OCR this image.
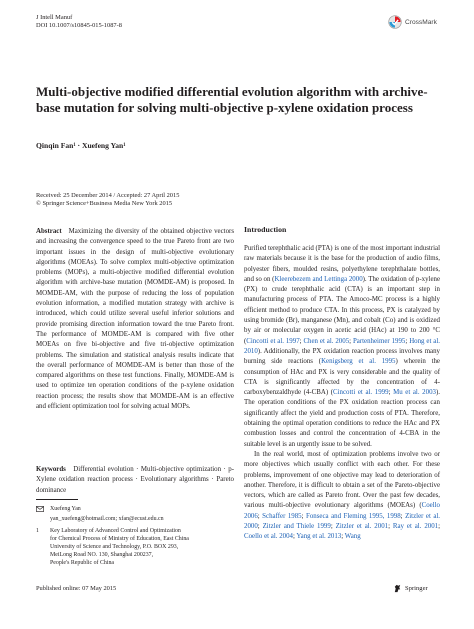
J Intell Manuf
DOI 10.1007/s10845-015-1087-8
CrossMark
Multi-objective modified differential evolution algorithm with archive-base mutation for solving multi-objective p-xylene oxidation process
Qinqin Fan¹ · Xuefeng Yan¹
Received: 25 December 2014 / Accepted: 27 April 2015
© Springer Science+Business Media New York 2015
Abstract Maximizing the diversity of the obtained objective vectors and increasing the convergence speed to the true Pareto front are two important issues in the design of multi-objective evolutionary algorithms (MOEAs). To solve complex multi-objective optimization problems (MOPs), a multi-objective modified differential evolution algorithm with archive-base mutation (MOMDE-AM) is proposed. In MOMDE-AM, with the purpose of reducing the loss of population evolution information, a modified mutation strategy with archive is introduced, which could utilize several useful inferior solutions and provide promising direction information toward the true Pareto front. The performance of MOMDE-AM is compared with five other MOEAs on five bi-objective and five tri-objective optimization problems. The simulation and statistical analysis results indicate that the overall performance of MOMDE-AM is better than those of the compared algorithms on these test functions. Finally, MOMDE-AM is used to optimize ten operation conditions of the p-xylene oxidation reaction process; the results show that MOMDE-AM is an effective and efficient optimization tool for solving actual MOPs.
Keywords Differential evolution · Multi-objective optimization · p-Xylene oxidation reaction process · Evolutionary algorithms · Pareto dominance
Xuefeng Yan
yan_xuefeng@hotmail.com; xfan@ecust.edu.cn
1	Key Laboratory of Advanced Control and Optimization
for Chemical Process of Ministry of Education, East China
University of Science and Technology, P.O. BOX 293,
MeiLong Road NO. 130, Shanghai 200237,
People's Republic of China
Published online: 07 May 2015	Springer
Introduction

Purified terephthalic acid (PTA) is one of the most important industrial raw materials because it is the base for the production of audio films, polyester fibers, moulded resins, polyethylene terephthalate bottles, and so on (Kleerebezem and Lettinga 2000). The oxidation of p-xylene (PX) to crude terephthalic acid (CTA) is an important step in manufacturing process of PTA. The Amoco-MC process is a highly efficient method to produce CTA. In this process, PX is catalyzed by using bromide (Br), manganese (Mn), and cobalt (Co) and is oxidized by air or molecular oxygen in acetic acid (HAc) at 190 to 200 °C (Cincotti et al. 1997; Chen et al. 2005; Partenheimer 1995; Hong et al. 2010). Additionally, the PX oxidation reaction process involves many burning side reactions (Kenigsberg et al. 1995) wherein the consumption of HAc and PX is very considerable and the quality of CTA is significantly affected by the concentration of 4-carboxybenzaldhyde (4-CBA) (Cincotti et al. 1999; Mu et al. 2003). The operation conditions of the PX oxidation reaction process can significantly affect the yield and production costs of PTA. Therefore, obtaining the optimal operation conditions to reduce the HAc and PX combustion losses and control the concentration of 4-CBA in the suitable level is an urgently issue to be solved.

In the real world, most of optimization problems involve two or more objectives which usually conflict with each other. For these problems, improvement of one objective may lead to deterioration of another. Therefore, it is difficult to obtain a set of the Pareto-objective vectors, which are called as Pareto front. Over the past few decades, various multi-objective evolutionary algorithms (MOEAs) (Coello 2006; Schaffer 1985; Fonseca and Fleming 1995, 1998; Zitzler et al. 2000; Zitzler and Thiele 1999; Zitzler et al. 2001; Ray et al. 2001; Coello et al. 2004; Yang et al. 2013; Wang
